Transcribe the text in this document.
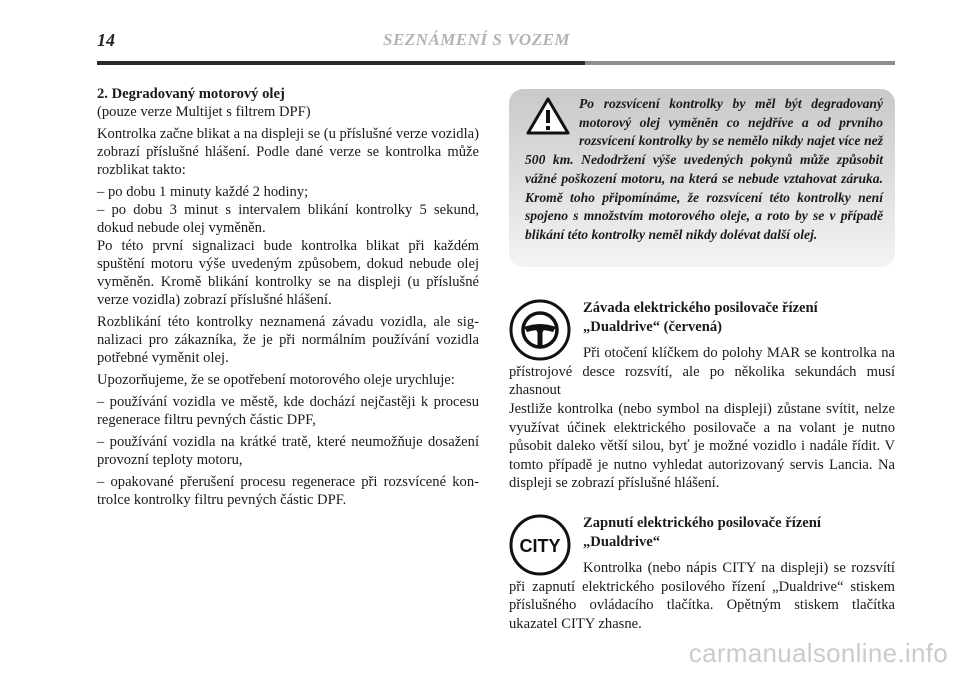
14	SEZNÁMENÍ S VOZEM

2. Degradovaný motorový olej

(pouze verze Multijet s filtrem DPF)

Kontrolka začne blikat a na displeji se (u příslušné verze vozidla) zobrazí příslušné hlášení. Podle dané verze se kontrolka může rozblikat takto:

– po dobu 1 minuty každé 2 hodiny;

– po dobu 3 minut s intervalem blikání kontrolky 5 sekund, dokud nebude olej vyměněn.

Po této první signalizaci bude kontrolka blikat při každém spuštění motoru výše uvedeným způsobem, dokud nebude olej vyměněn. Kromě blikání kontrolky se na displeji (u příslušné verze vozidla) zobrazí příslušné hlášení.

Rozblikání této kontrolky neznamená závadu vozidla, ale signalizaci pro zákazníka, že je při normálním používání vozidla potřebné vyměnit olej.

Upozorňujeme, že se opotřebení motorového oleje urychluje:

– používání vozidla ve městě, kde dochází nejčastěji k procesu regenerace filtru pevných částic DPF,

– používání vozidla na krátké tratě, které neumožňuje dosažení provozní teploty motoru,

– opakované přerušení procesu regenerace při rozsvícené kontrolce kontrolky filtru pevných částic DPF.

Po rozsvícení kontrolky by měl být degradovaný motorový olej vyměněn co nejdříve a od prvního rozsvícení kontrolky by se nemělo nikdy najet více než 500 km. Nedodržení výše uvedených pokynů může způsobit vážné poškození motoru, na která se nebude vztahovat záruka. Kromě toho připomínáme, že rozsvícení této kontrolky není spojeno s množstvím motorového oleje, a roto by se v případě blikání této kontrolky neměl nikdy dolévat další olej.

Závada elektrického posilovače řízení „Dualdrive“ (červená)

Při otočení klíčkem do polohy MAR se kontrolka na přístrojové desce rozsvítí, ale po několika sekundách musí zhasnout

Jestliže kontrolka (nebo symbol na displeji) zůstane svítit, nelze využívat účinek elektrického posilovače a na volant je nutno působit daleko větší silou, byť je možné vozidlo i nadále řídit. V tomto případě je nutno vyhledat autorizovaný servis Lancia. Na displeji se zobrazí příslušné hlášení.

CITY

Zapnutí elektrického posilovače řízení „Dualdrive“

Kontrolka (nebo nápis CITY na displeji) se rozsvítí při zapnutí elektrického posilového řízení „Dualdrive“ stiskem příslušného ovládacího tlačítka. Opětným stiskem tlačítka ukazatel CITY zhasne.

carmanualsonline.info
